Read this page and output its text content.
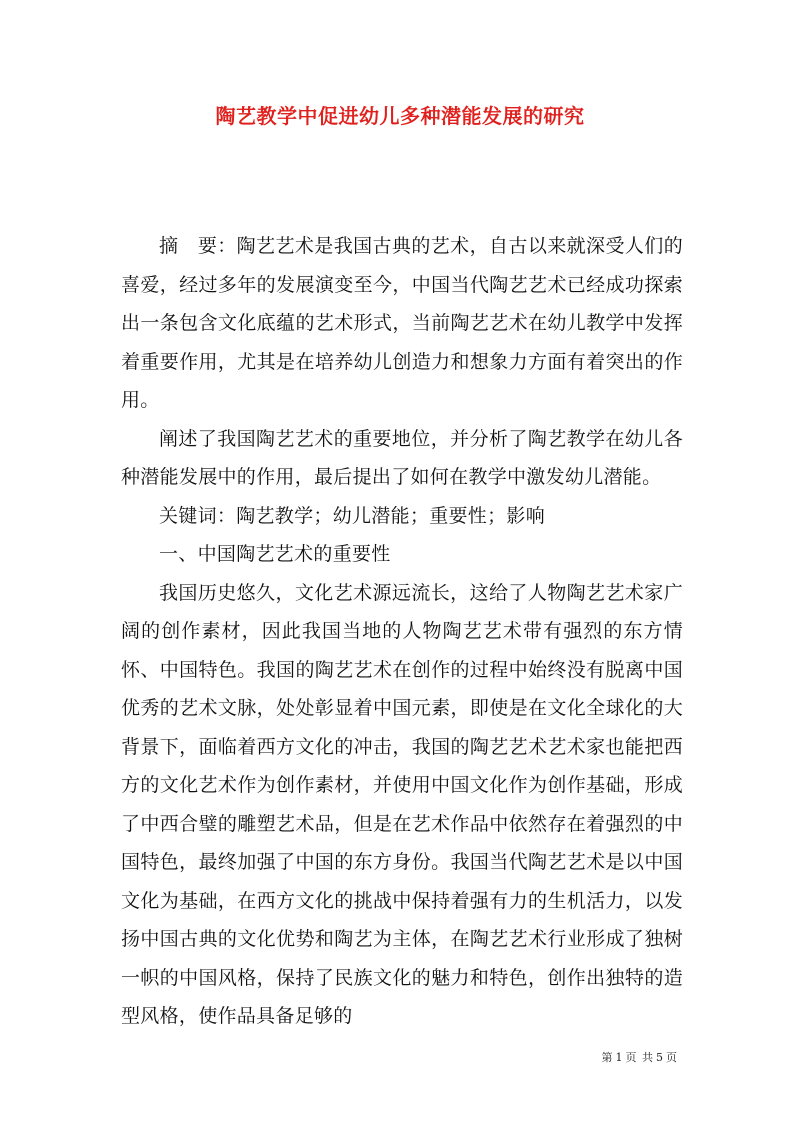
陶艺教学中促进幼儿多种潜能发展的研究

摘　要：陶艺艺术是我国古典的艺术，自古以来就深受人们的喜爱，经过多年的发展演变至今，中国当代陶艺艺术已经成功探索出一条包含文化底蕴的艺术形式，当前陶艺艺术在幼儿教学中发挥着重要作用，尤其是在培养幼儿创造力和想象力方面有着突出的作用。

阐述了我国陶艺艺术的重要地位，并分析了陶艺教学在幼儿各种潜能发展中的作用，最后提出了如何在教学中激发幼儿潜能。

关键词：陶艺教学；幼儿潜能；重要性；影响

一、中国陶艺艺术的重要性

我国历史悠久，文化艺术源远流长，这给了人物陶艺艺术家广阔的创作素材，因此我国当地的人物陶艺艺术带有强烈的东方情怀、中国特色。我国的陶艺艺术在创作的过程中始终没有脱离中国优秀的艺术文脉，处处彰显着中国元素，即使是在文化全球化的大背景下，面临着西方文化的冲击，我国的陶艺艺术艺术家也能把西方的文化艺术作为创作素材，并使用中国文化作为创作基础，形成了中西合璧的雕塑艺术品，但是在艺术作品中依然存在着强烈的中国特色，最终加强了中国的东方身份。我国当代陶艺艺术是以中国文化为基础，在西方文化的挑战中保持着强有力的生机活力，以发扬中国古典的文化优势和陶艺为主体，在陶艺艺术行业形成了独树一帜的中国风格，保持了民族文化的魅力和特色，创作出独特的造型风格，使作品具备足够的

第 1 页 共 5 页
